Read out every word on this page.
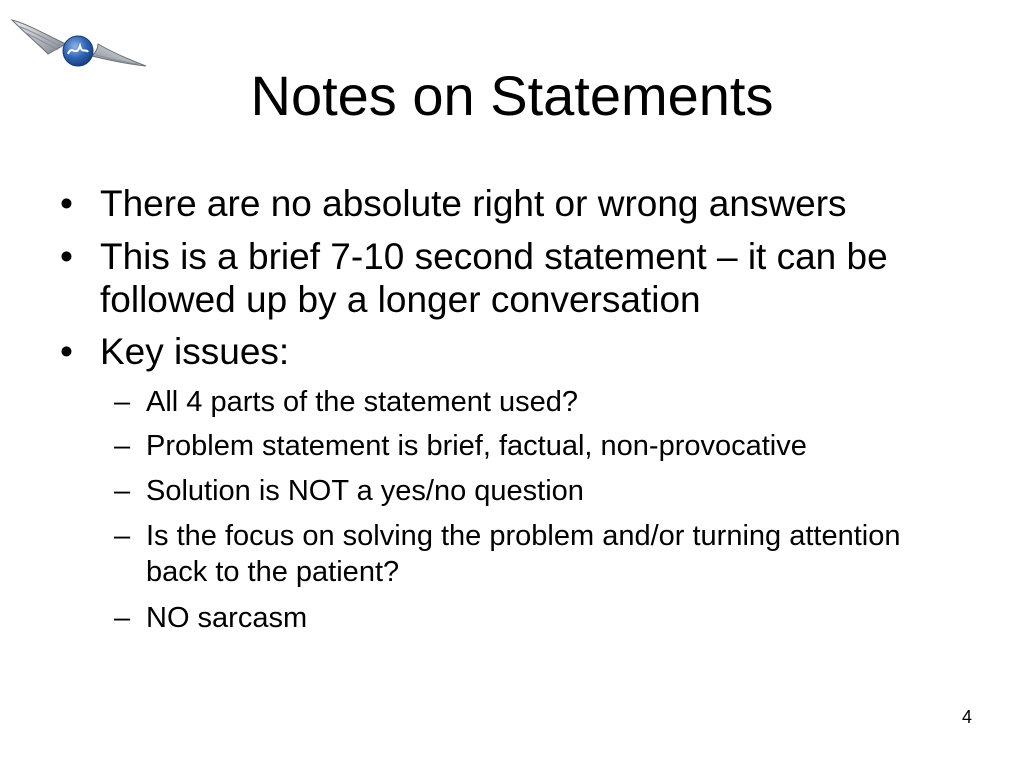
Notes on Statements
• There are no absolute right or wrong answers
• This is a brief 7-10 second statement – it can be followed up by a longer conversation
• Key issues:
– All 4 parts of the statement used?
– Problem statement is brief, factual, non-provocative
– Solution is NOT a yes/no question
– Is the focus on solving the problem and/or turning attention back to the patient?
– NO sarcasm
4
